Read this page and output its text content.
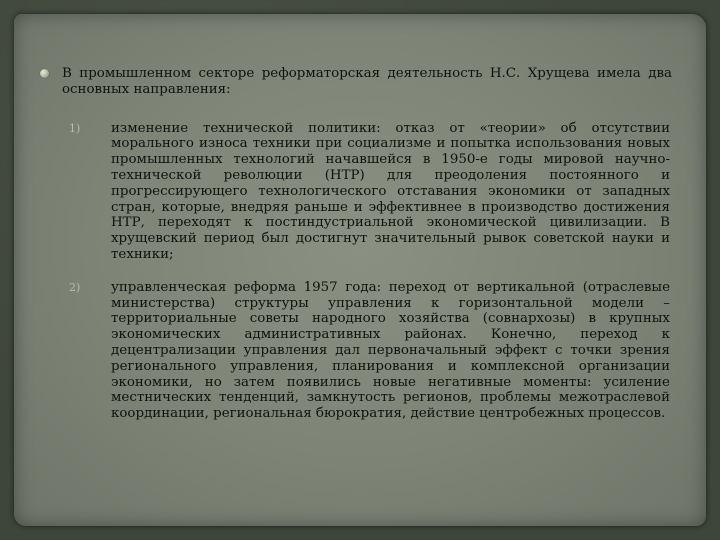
В промышленном секторе реформаторская деятельность Н.С. Хрущева имела два основных направления:
1) изменение технической политики: отказ от «теории» об отсутствии морального износа техники при социализме и попытка использования новых промышленных технологий начавшейся в 1950-е годы мировой научно-технической революции (НТР) для преодоления постоянного и прогрессирующего технологического отставания экономики от западных стран, которые, внедряя раньше и эффективнее в производство достижения НТР, переходят к постиндустриальной экономической цивилизации. В хрущевский период был достигнут значительный рывок советской науки и техники;
2) управленческая реформа 1957 года: переход от вертикальной (отраслевые министерства) структуры управления к горизонтальной модели – территориальные советы народного хозяйства (совнархозы) в крупных экономических административных районах. Конечно, переход к децентрализации управления дал первоначальный эффект с точки зрения регионального управления, планирования и комплексной организации экономики, но затем появились новые негативные моменты: усиление местнических тенденций, замкнутость регионов, проблемы межотраслевой координации, региональная бюрократия, действие центробежных процессов.
